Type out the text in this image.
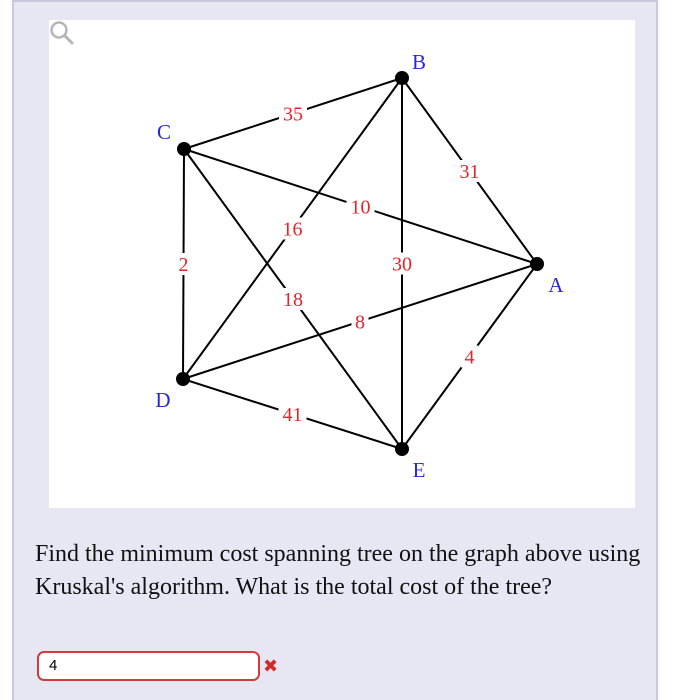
35
31
10
16
2	30
18
8
4
41
A
B
C
D
E
Find the minimum cost spanning tree on the graph above using Kruskal's algorithm. What is the total cost of the tree?
4	✖
